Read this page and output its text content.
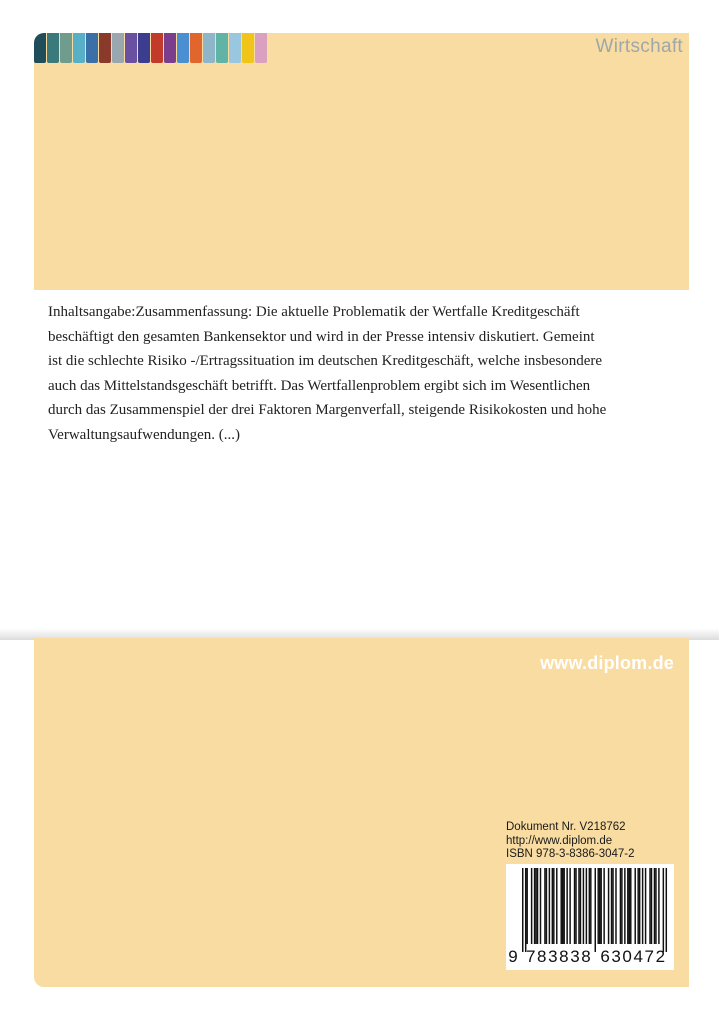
Wirtschaft

Inhaltsangabe:Zusammenfassung: Die aktuelle Problematik der Wertfalle Kreditgeschäft beschäftigt den gesamten Bankensektor und wird in der Presse intensiv diskutiert. Gemeint ist die schlechte Risiko -/Ertragssituation im deutschen Kreditgeschäft, welche insbesondere auch das Mittelstandsgeschäft betrifft. Das Wertfallenproblem ergibt sich im Wesentlichen durch das Zusammenspiel der drei Faktoren Margenverfall, steigende Risikokosten und hohe Verwaltungsaufwendungen. (...)

www.diplom.de
Dokument Nr. V218762
http://www.diplom.de
ISBN 978-3-8386-3047-2
9 783838 630472
